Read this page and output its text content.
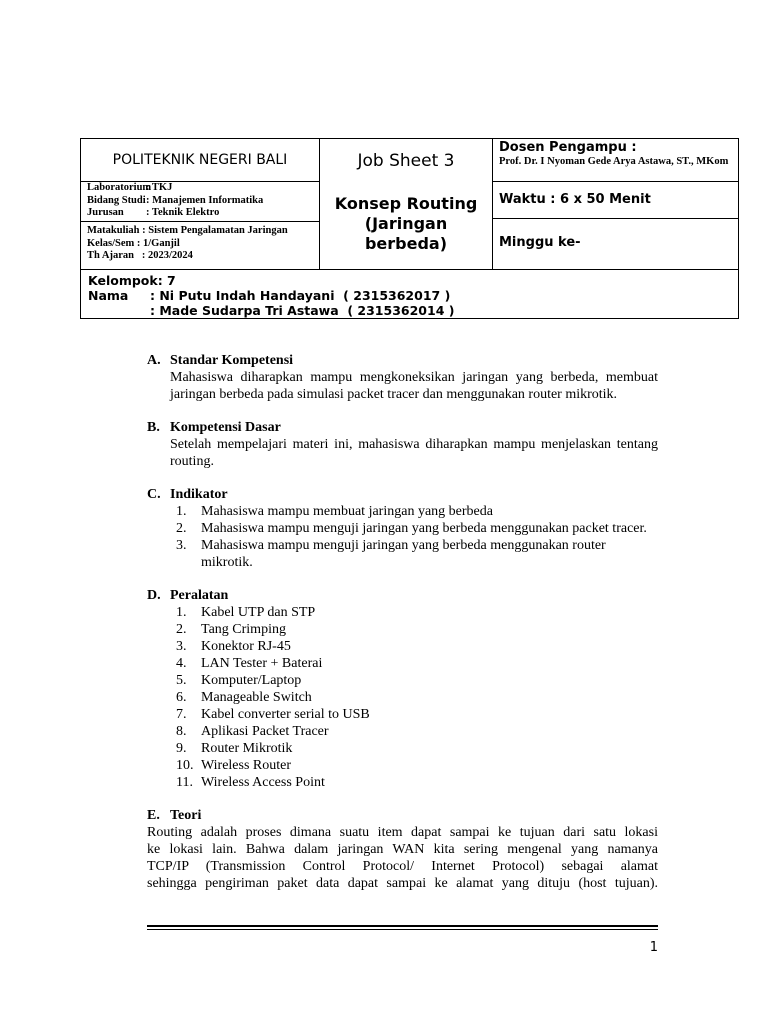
POLITEKNIK NEGERI BALI
Laboratorium
: TKJ
Bidang Studi : Manajemen Informatika
Jurusan	: Teknik Elektro
Matakuliah : Sistem Pengalamatan Jaringan
Kelas/Sem : 1/Ganjil
Th Ajaran   : 2023/2024
Job Sheet 3
Konsep Routing
(Jaringan
berbeda)
Dosen Pengampu :
Prof. Dr. I Nyoman Gede Arya Astawa, ST., MKom
Waktu : 6 x 50 Menit
Minggu ke-
Kelompok: 7
Nama	: Ni Putu Indah Handayani  ( 2315362017 )
: Made Sudarpa Tri Astawa  ( 2315362014 )
A. Standar Kompetensi
Mahasiswa diharapkan mampu mengkoneksikan jaringan yang berbeda, membuat jaringan berbeda pada simulasi packet tracer dan menggunakan router mikrotik.
B. Kompetensi Dasar
Setelah mempelajari materi ini, mahasiswa diharapkan mampu menjelaskan tentang routing.
C. Indikator
1.	Mahasiswa mampu membuat jaringan yang berbeda
2.	Mahasiswa mampu menguji jaringan yang berbeda menggunakan packet tracer.
3.	Mahasiswa mampu menguji jaringan yang berbeda menggunakan router mikrotik.
D. Peralatan
1.	Kabel UTP dan STP
2.	Tang Crimping
3.	Konektor RJ-45
4.	LAN Tester + Baterai
5.	Komputer/Laptop
6.	Manageable Switch
7.	Kabel converter serial to USB
8.	Aplikasi Packet Tracer
9.	Router Mikrotik
10. Wireless Router
11. Wireless Access Point
E. Teori
Routing adalah proses dimana suatu item dapat sampai ke tujuan dari satu lokasi
ke lokasi lain. Bahwa dalam jaringan WAN kita sering mengenal yang namanya
TCP/IP (Transmission Control Protocol/ Internet Protocol) sebagai alamat
sehingga pengiriman paket data dapat sampai ke alamat yang dituju (host tujuan).
1
